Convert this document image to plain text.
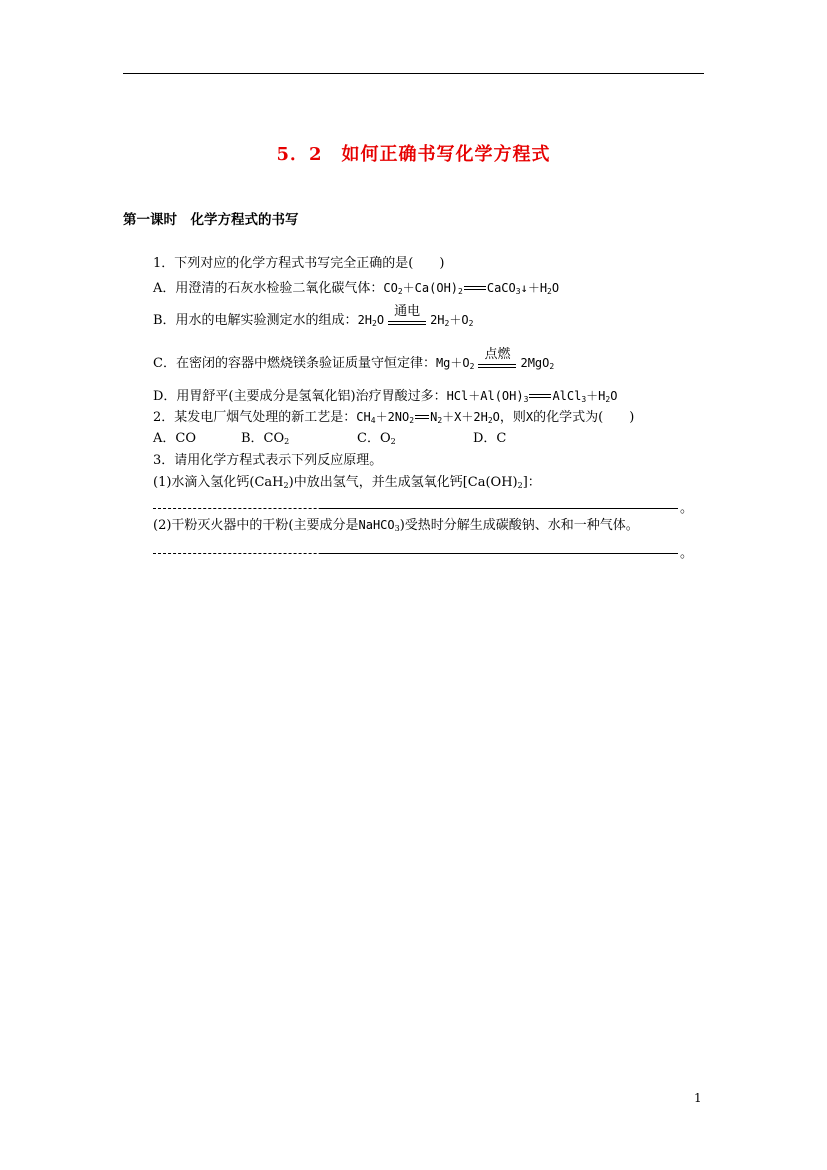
5．2　如何正确书写化学方程式
第一课时　化学方程式的书写
1．下列对应的化学方程式书写完全正确的是(　　)
A．用澄清的石灰水检验二氧化碳气体：$CO_2+Ca(OH)_2$ $CaCO_3↓+H_2O$
B．用水的电解实验测定水的组成：$2H_2O$
通电
$2H_2+O_2$
C．在密闭的容器中燃烧镁条验证质量守恒定律：$Mg+O_2$
点燃
2MgO$_2$
D．用胃舒平(主要成分是氢氧化铝)治疗胃酸过多：$HCl+Al(OH)_3$ $AlCl_3+H_2O$
2．某发电厂烟气处理的新工艺是：$CH_4+2NO_2$ $N_2+X+2H_2O$，则X的化学式为(　　)
A．CO	B．$CO_2$	C．$O_2$	D．C
3．请用化学方程式表示下列反应原理。
(1)水滴入氢化钙(CaH$_2$)中放出氢气，并生成氢氧化钙$[Ca(OH)_2]$：
。
(2)干粉灭火器中的干粉(主要成分是NaHCO$_3$)受热时分解生成碳酸钠、水和一种气体。
。
1
